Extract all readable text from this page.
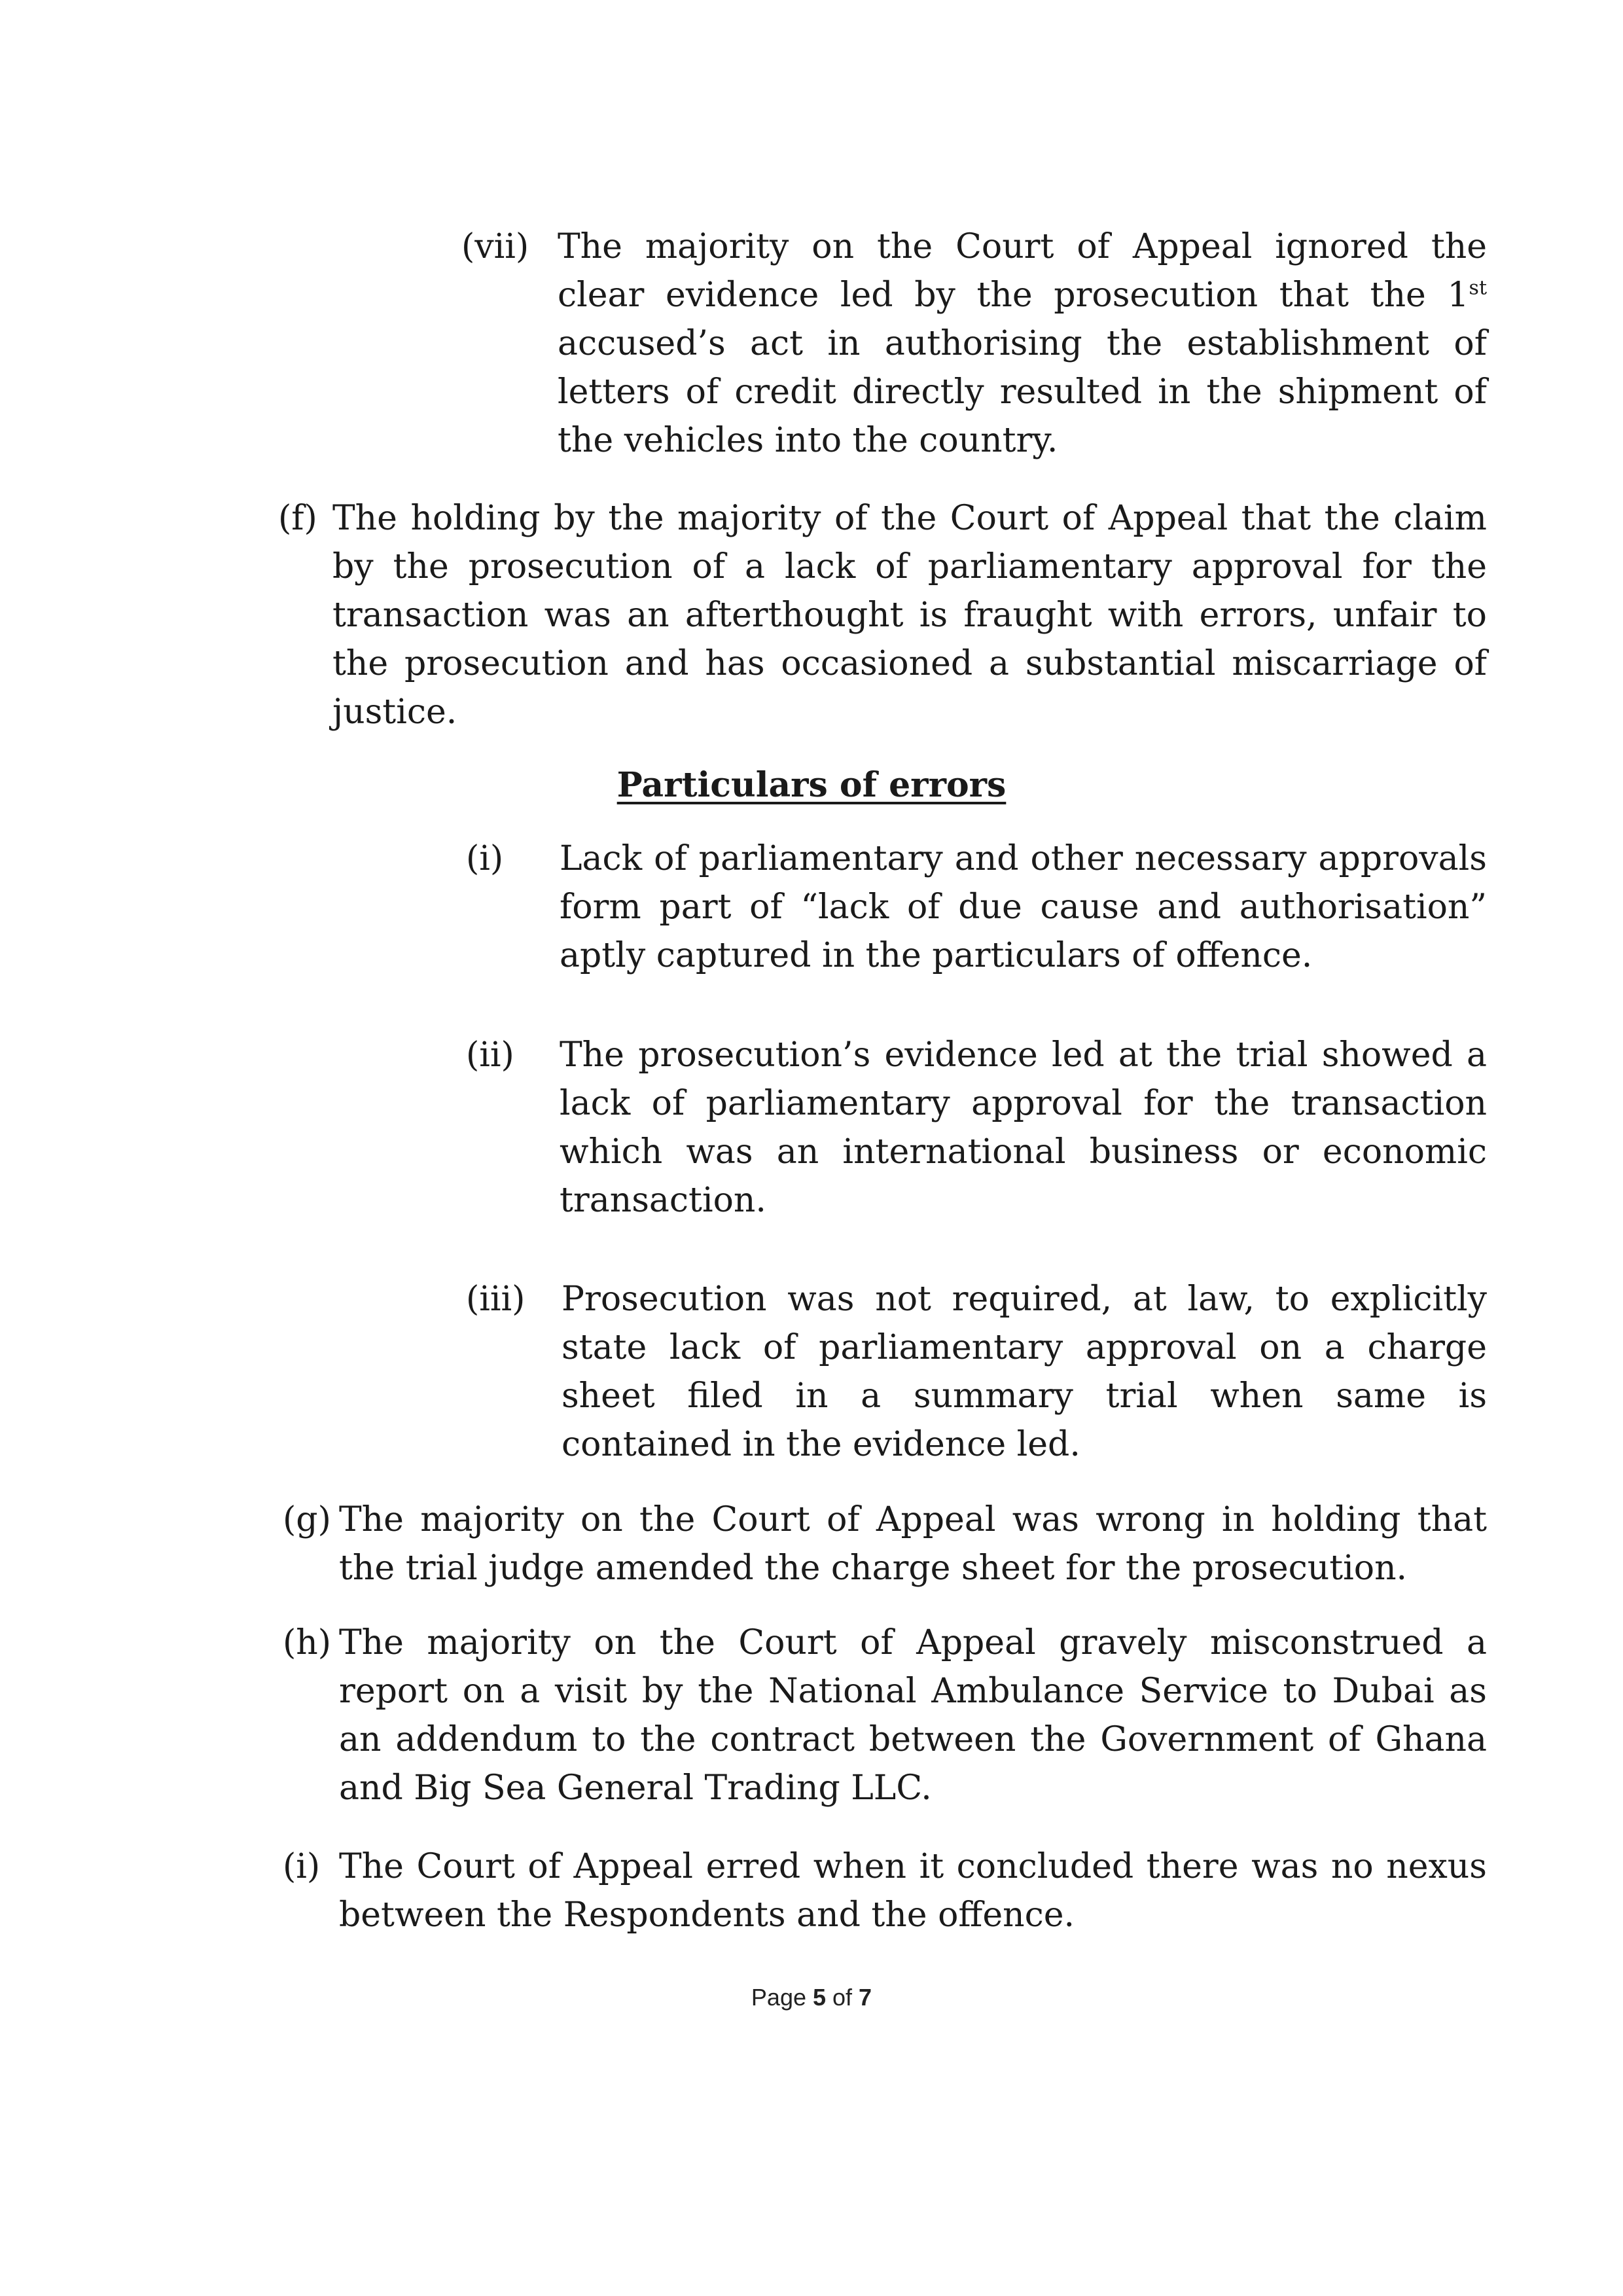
(vii) The majority on the Court of Appeal ignored the clear evidence led by the prosecution that the 1st accused’s act in authorising the establishment of letters of credit directly resulted in the shipment of the vehicles into the country.

(f) The holding by the majority of the Court of Appeal that the claim by the prosecution of a lack of parliamentary approval for the transaction was an afterthought is fraught with errors, unfair to the prosecution and has occasioned a substantial miscarriage of justice.

Particulars of errors
(i) Lack of parliamentary and other necessary approvals form part of “lack of due cause and authorisation” aptly captured in the particulars of offence.

(ii) The prosecution’s evidence led at the trial showed a lack of parliamentary approval for the transaction which was an international business or economic transaction.

(iii) Prosecution was not required, at law, to explicitly state lack of parliamentary approval on a charge sheet filed in a summary trial when same is contained in the evidence led.

(g) The majority on the Court of Appeal was wrong in holding that the trial judge amended the charge sheet for the prosecution.

(h) The majority on the Court of Appeal gravely misconstrued a report on a visit by the National Ambulance Service to Dubai as an addendum to the contract between the Government of Ghana and Big Sea General Trading LLC.

(i) The Court of Appeal erred when it concluded there was no nexus between the Respondents and the offence.

Page 5 of 7
